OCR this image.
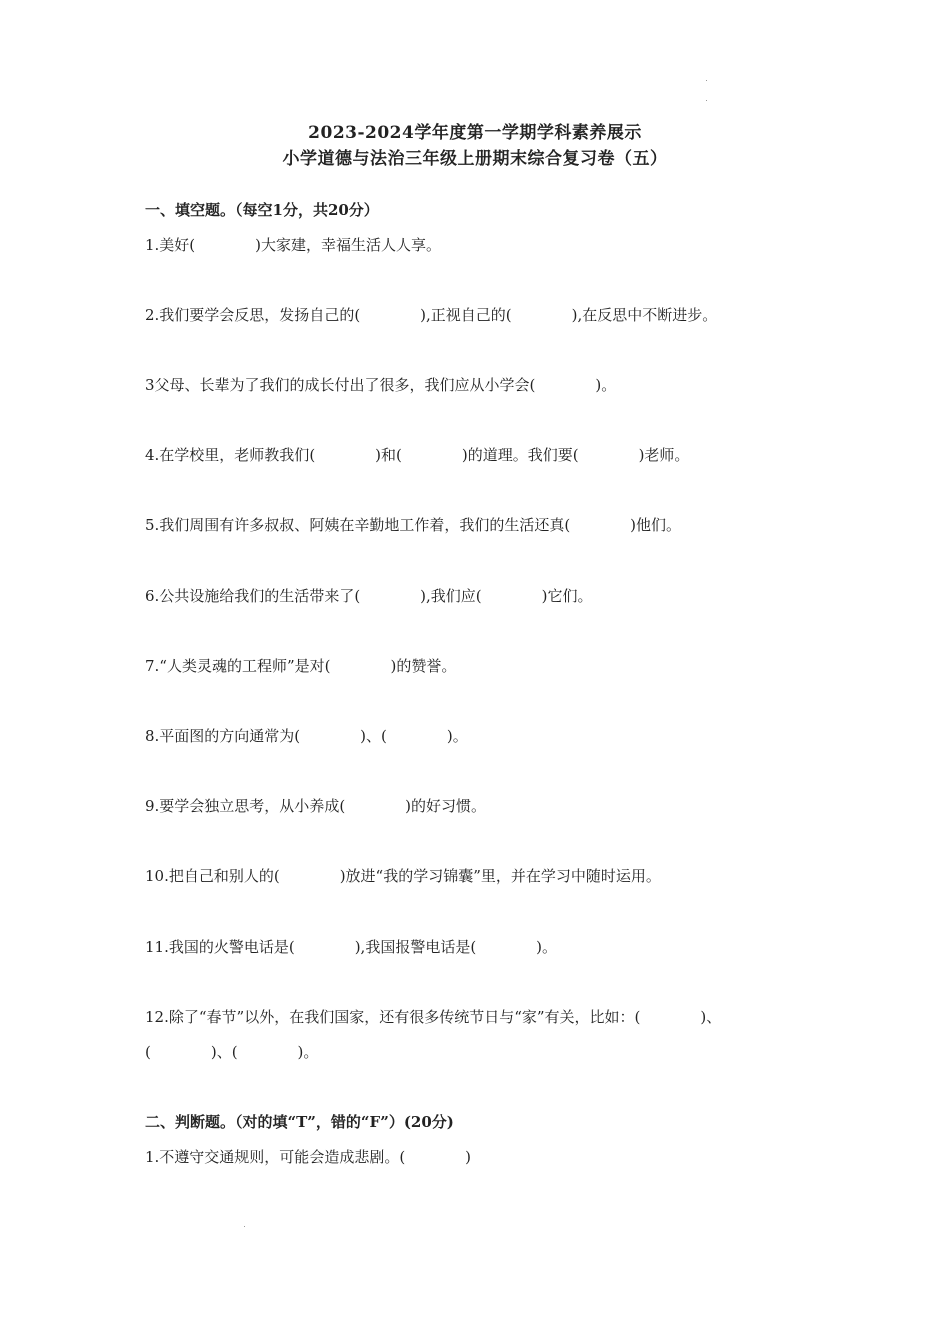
2023-2024学年度第一学期学科素养展示
小学道德与法治三年级上册期末综合复习卷（五）
一、填空题。（每空1分，共20分）
1.美好(　　　　)大家建，幸福生活人人享。
2.我们要学会反思，发扬自己的(　　　　),正视自己的(　　　　),在反思中不断进步。
3父母、长辈为了我们的成长付出了很多，我们应从小学会(　　　　)。
4.在学校里，老师教我们(　　　　)和(　　　　)的道理。我们要(　　　　)老师。
5.我们周围有许多叔叔、阿姨在辛勤地工作着，我们的生活还真(　　　　)他们。
6.公共设施给我们的生活带来了(　　　　),我们应(　　　　)它们。
7.“人类灵魂的工程师”是对(　　　　)的赞誉。
8.平面图的方向通常为(　　　　)、(　　　　)。
9.要学会独立思考，从小养成(　　　　)的好习惯。
10.把自己和别人的(　　　　)放进“我的学习锦囊”里，并在学习中随时运用。
11.我国的火警电话是(　　　　),我国报警电话是(　　　　)。
12.除了“春节”以外，在我们国家，还有很多传统节日与“家”有关，比如：(　　　　)、
(　　　　)、(　　　　)。
二、判断题。（对的填“T”，错的“F”）(20分)
1.不遵守交通规则，可能会造成悲剧。(　　　　)
